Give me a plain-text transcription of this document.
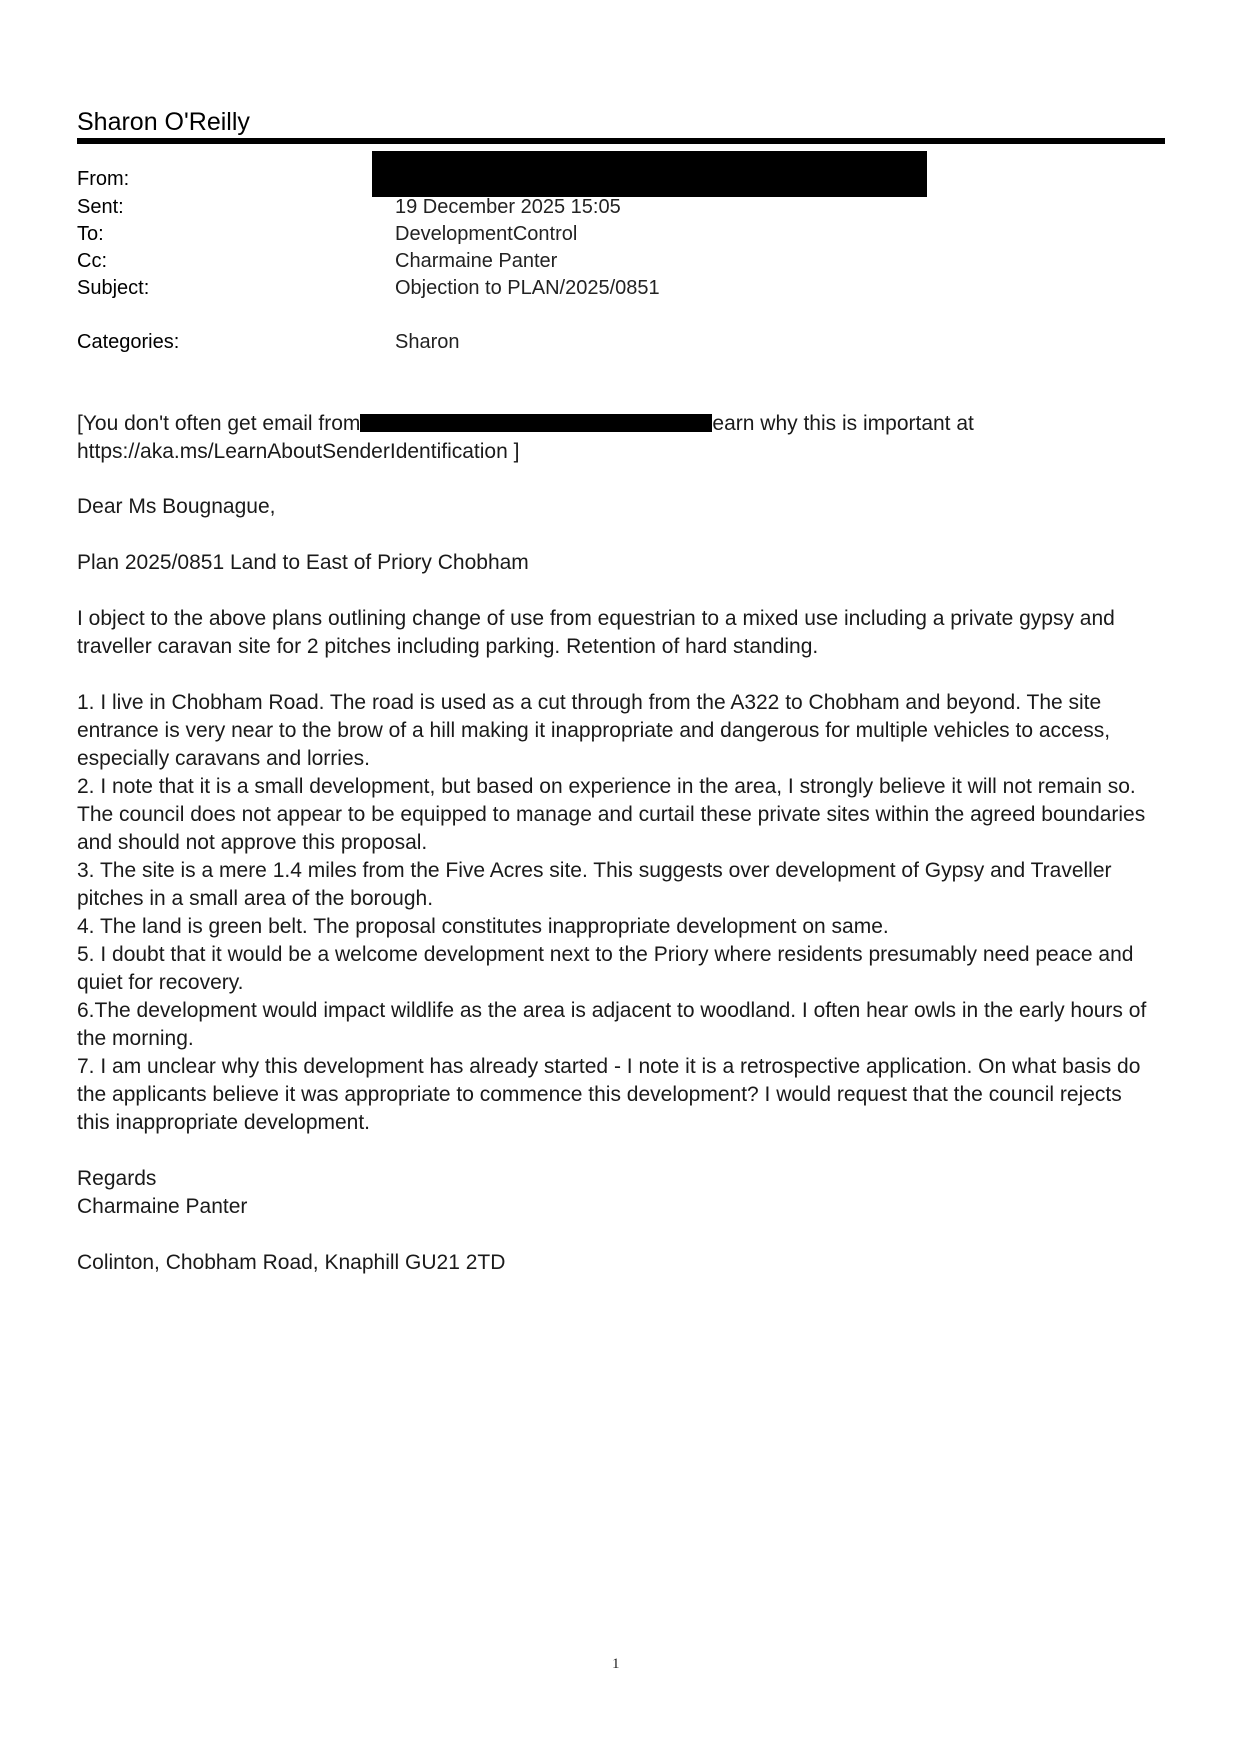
Sharon O'Reilly
From:
Sent:	19 December 2025 15:05
To:	DevelopmentControl
Cc:	Charmaine Panter
Subject:	Objection to PLAN/2025/0851
Categories:	Sharon
[You don't often get email from	earn why this is important at
https://aka.ms/LearnAboutSenderIdentification ]
Dear Ms Bougnague,
Plan 2025/0851 Land to East of Priory Chobham
I object to the above plans outlining change of use from equestrian to a mixed use including a private gypsy and
traveller caravan site for 2 pitches including parking. Retention of hard standing.
1. I live in Chobham Road. The road is used as a cut through from the A322 to Chobham and beyond. The site
entrance is very near to the brow of a hill making it inappropriate and dangerous for multiple vehicles to access,
especially caravans and lorries.
2. I note that it is a small development, but based on experience in the area, I strongly believe it will not remain so.
The council does not appear to be equipped to manage and curtail these private sites within the agreed boundaries
and should not approve this proposal.
3. The site is a mere 1.4 miles from the Five Acres site. This suggests over development of Gypsy and Traveller
pitches in a small area of the borough.
4. The land is green belt. The proposal constitutes inappropriate development on same.
5. I doubt that it would be a welcome development next to the Priory where residents presumably need peace and
quiet for recovery.
6.The development would impact wildlife as the area is adjacent to woodland. I often hear owls in the early hours of
the morning.
7. I am unclear why this development has already started - I note it is a retrospective application. On what basis do
the applicants believe it was appropriate to commence this development? I would request that the council rejects
this inappropriate development.
Regards
Charmaine Panter
Colinton, Chobham Road, Knaphill GU21 2TD
1
